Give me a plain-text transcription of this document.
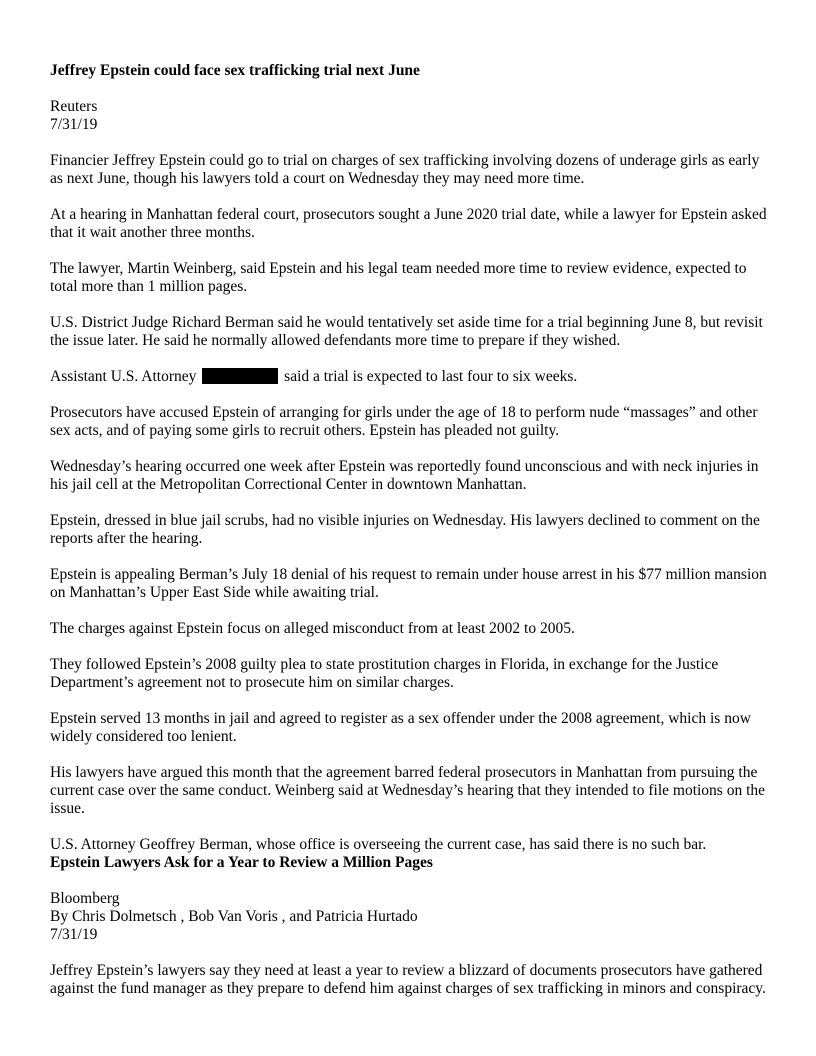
Jeffrey Epstein could face sex trafficking trial next June

Reuters

7/31/19

Financier Jeffrey Epstein could go to trial on charges of sex trafficking involving dozens of underage girls as early as next June, though his lawyers told a court on Wednesday they may need more time.

At a hearing in Manhattan federal court, prosecutors sought a June 2020 trial date, while a lawyer for Epstein asked that it wait another three months.

The lawyer, Martin Weinberg, said Epstein and his legal team needed more time to review evidence, expected to total more than 1 million pages.

U.S. District Judge Richard Berman said he would tentatively set aside time for a trial beginning June 8, but revisit the issue later. He said he normally allowed defendants more time to prepare if they wished.

Assistant U.S. Attorney	said a trial is expected to last four to six weeks.

Prosecutors have accused Epstein of arranging for girls under the age of 18 to perform nude “massages” and other sex acts, and of paying some girls to recruit others. Epstein has pleaded not guilty.

Wednesday’s hearing occurred one week after Epstein was reportedly found unconscious and with neck injuries in his jail cell at the Metropolitan Correctional Center in downtown Manhattan.

Epstein, dressed in blue jail scrubs, had no visible injuries on Wednesday. His lawyers declined to comment on the reports after the hearing.

Epstein is appealing Berman’s July 18 denial of his request to remain under house arrest in his $77 million mansion on Manhattan’s Upper East Side while awaiting trial.

The charges against Epstein focus on alleged misconduct from at least 2002 to 2005.

They followed Epstein’s 2008 guilty plea to state prostitution charges in Florida, in exchange for the Justice Department’s agreement not to prosecute him on similar charges.

Epstein served 13 months in jail and agreed to register as a sex offender under the 2008 agreement, which is now widely considered too lenient.

His lawyers have argued this month that the agreement barred federal prosecutors in Manhattan from pursuing the current case over the same conduct. Weinberg said at Wednesday’s hearing that they intended to file motions on the issue.

U.S. Attorney Geoffrey Berman, whose office is overseeing the current case, has said there is no such bar.

Epstein Lawyers Ask for a Year to Review a Million Pages

Bloomberg

By Chris Dolmetsch , Bob Van Voris , and Patricia Hurtado

7/31/19

Jeffrey Epstein’s lawyers say they need at least a year to review a blizzard of documents prosecutors have gathered against the fund manager as they prepare to defend him against charges of sex trafficking in minors and conspiracy.
